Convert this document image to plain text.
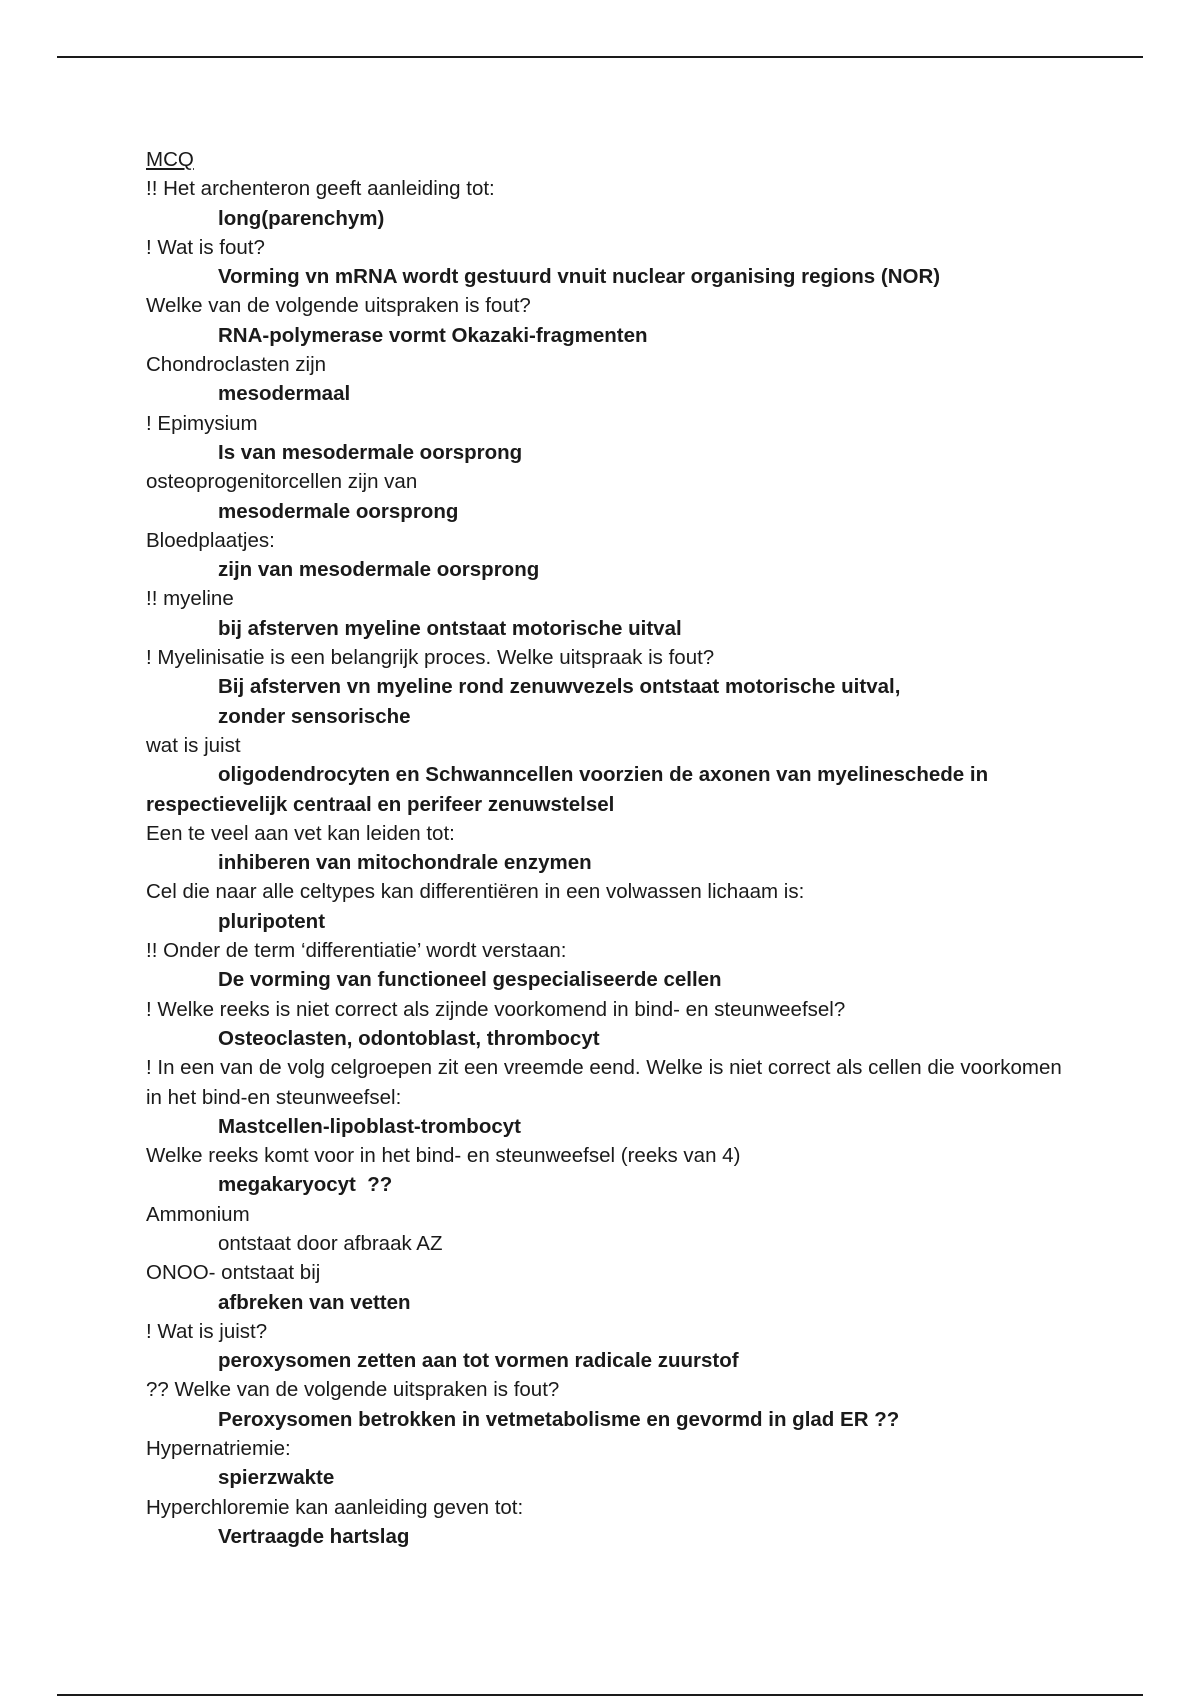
MCQ
!! Het archenteron geeft aanleiding tot:
long(parenchym)
! Wat is fout?
Vorming vn mRNA wordt gestuurd vnuit nuclear organising regions (NOR)
Welke van de volgende uitspraken is fout?
RNA-polymerase vormt Okazaki-fragmenten
Chondroclasten zijn
mesodermaal
! Epimysium
Is van mesodermale oorsprong
osteoprogenitorcellen zijn van
mesodermale oorsprong
Bloedplaatjes:
zijn van mesodermale oorsprong
!! myeline
bij afsterven myeline ontstaat motorische uitval
! Myelinisatie is een belangrijk proces. Welke uitspraak is fout?
Bij afsterven vn myeline rond zenuwvezels ontstaat motorische uitval, zonder sensorische
wat is juist
oligodendrocyten en Schwanncellen voorzien de axonen van myelineschede in respectievelijk centraal en perifeer zenuwstelsel
Een te veel aan vet kan leiden tot:
inhiberen van mitochondrale enzymen
Cel die naar alle celtypes kan differentiëren in een volwassen lichaam is:
pluripotent
!! Onder de term ‘differentiatie’ wordt verstaan:
De vorming van functioneel gespecialiseerde cellen
! Welke reeks is niet correct als zijnde voorkomend in bind- en steunweefsel?
Osteoclasten, odontoblast, thrombocyt
! In een van de volg celgroepen zit een vreemde eend. Welke is niet correct als cellen die voorkomen in het bind-en steunweefsel:
Mastcellen-lipoblast-trombocyt
Welke reeks komt voor in het bind- en steunweefsel (reeks van 4)
megakaryocyt  ??
Ammonium
ontstaat door afbraak AZ
ONOO- ontstaat bij
afbreken van vetten
! Wat is juist?
peroxysomen zetten aan tot vormen radicale zuurstof
?? Welke van de volgende uitspraken is fout?
Peroxysomen betrokken in vetmetabolisme en gevormd in glad ER ??
Hypernatriemie:
spierzwakte
Hyperchloremie kan aanleiding geven tot:
Vertraagde hartslag
